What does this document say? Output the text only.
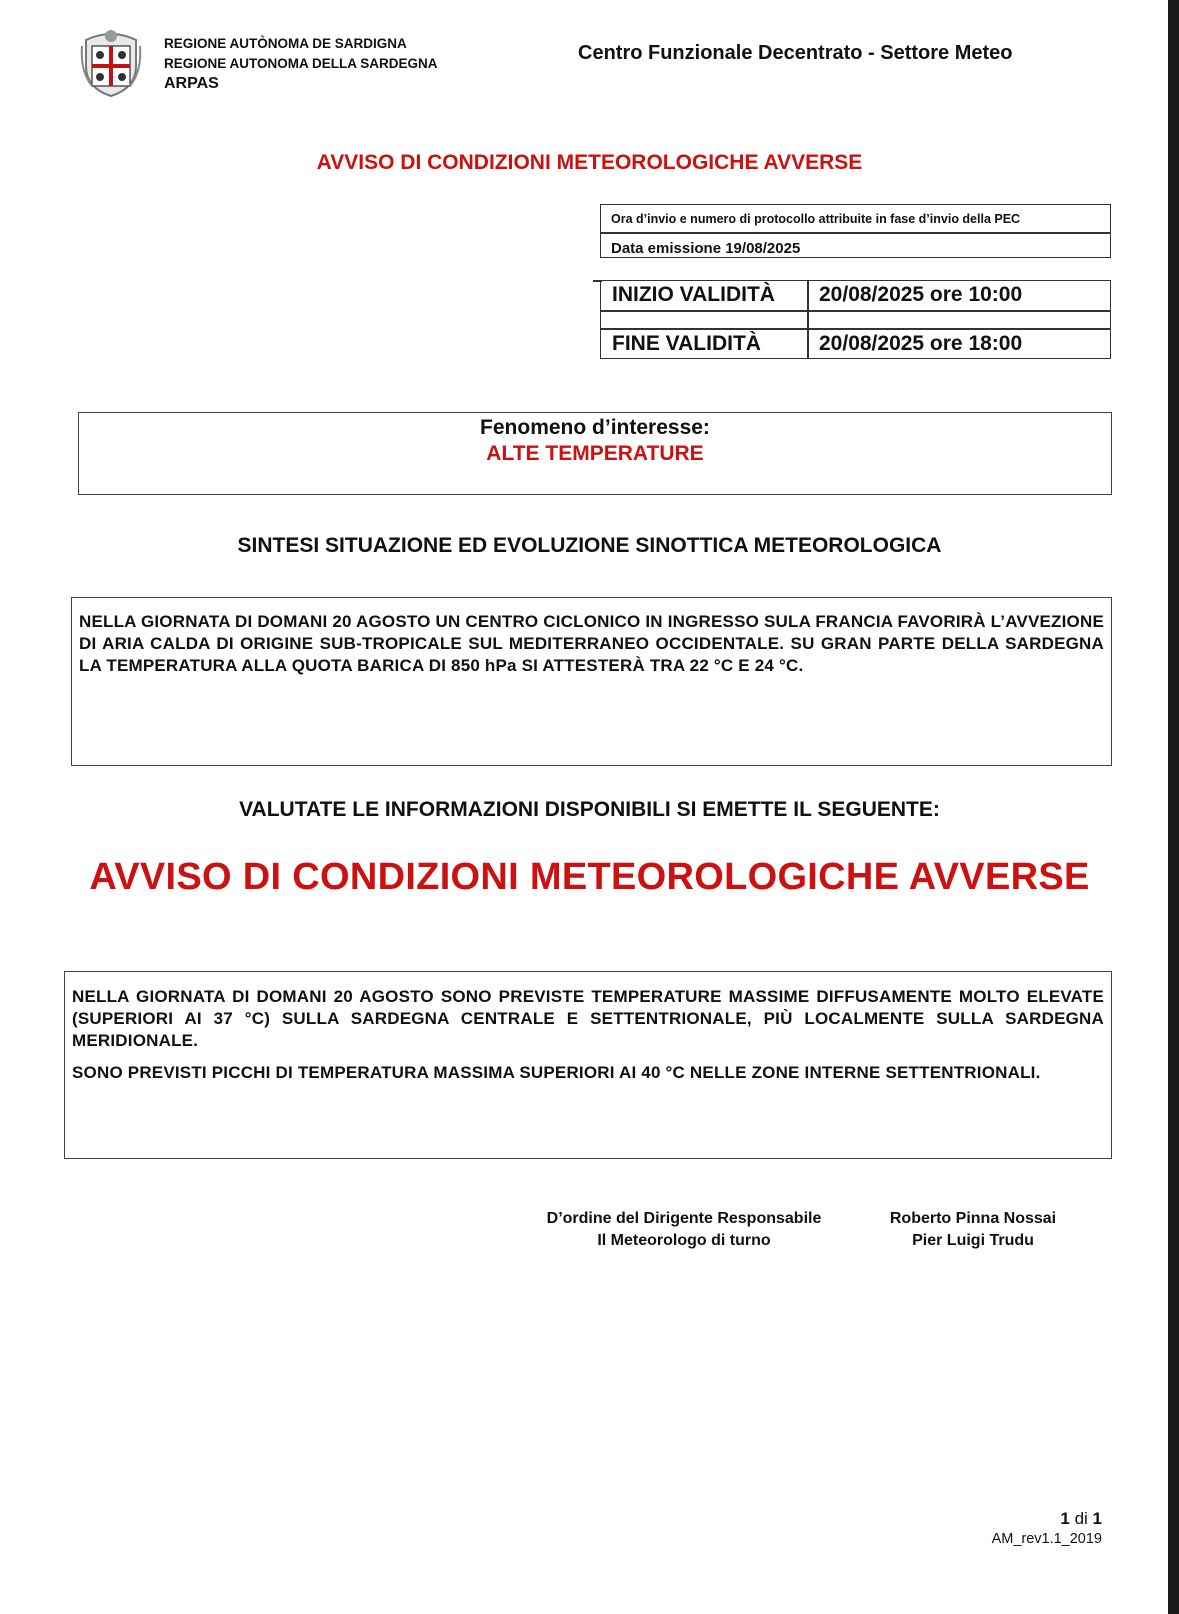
REGIONE AUTÒNOMA DE SARDIGNA
REGIONE AUTONOMA DELLA SARDEGNA
ARPAS
Centro Funzionale Decentrato - Settore Meteo
AVVISO DI CONDIZIONI METEOROLOGICHE AVVERSE
Ora d’invio e numero di protocollo attribuite in fase d’invio della PEC
Data emissione 19/08/2025
INIZIO VALIDITÀ 20/08/2025 ore 10:00
FINE VALIDITÀ	20/08/2025 ore 18:00
Fenomeno d’interesse:
ALTE TEMPERATURE
SINTESI SITUAZIONE ED EVOLUZIONE SINOTTICA METEOROLOGICA

NELLA GIORNATA DI DOMANI 20 AGOSTO UN CENTRO CICLONICO IN INGRESSO SULA FRANCIA FAVORIRÀ L’AVVEZIONE DI ARIA CALDA DI ORIGINE SUB-TROPICALE SUL MEDITERRANEO OCCIDENTALE. SU GRAN PARTE DELLA SARDEGNA LA TEMPERATURA ALLA QUOTA BARICA DI 850 hPa SI ATTESTERÀ TRA 22 °C E 24 °C.

VALUTATE LE INFORMAZIONI DISPONIBILI SI EMETTE IL SEGUENTE:
AVVISO DI CONDIZIONI METEOROLOGICHE AVVERSE

NELLA GIORNATA DI DOMANI 20 AGOSTO SONO PREVISTE TEMPERATURE MASSIME DIFFUSAMENTE MOLTO ELEVATE (SUPERIORI AI 37 °C) SULLA SARDEGNA CENTRALE E SETTENTRIONALE, PIÙ LOCALMENTE SULLA SARDEGNA MERIDIONALE.

SONO PREVISTI PICCHI DI TEMPERATURA MASSIMA SUPERIORI AI 40 °C NELLE ZONE INTERNE SETTENTRIONALI.

D’ordine del Dirigente Responsabile
Il Meteorologo di turno
Roberto Pinna Nossai
Pier Luigi Trudu
1 di 1
AM_rev1.1_2019
